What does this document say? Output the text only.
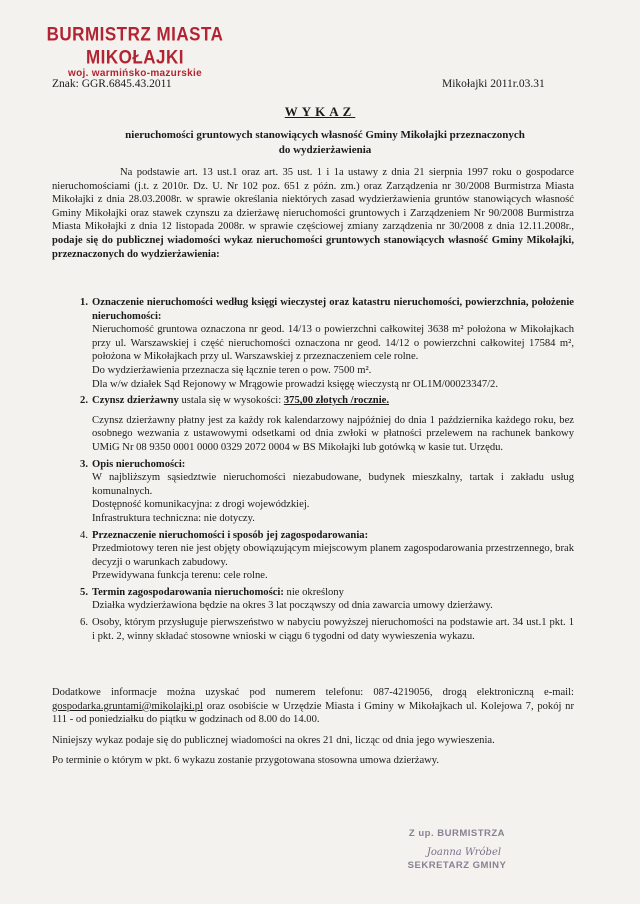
BURMISTRZ MIASTA MIKOŁAJKI
woj. warmińsko-mazurskie
Znak: GGR.6845.43.2011	Mikołajki 2011r.03.31
WYKAZ
nieruchomości gruntowych stanowiących własność Gminy Mikołajki przeznaczonych do wydzierżawienia
Na podstawie art. 13 ust.1 oraz art. 35 ust. 1 i 1a ustawy z dnia 21 sierpnia 1997 roku o gospodarce nieruchomościami (j.t. z 2010r. Dz. U. Nr 102 poz. 651 z późn. zm.) oraz Zarządzenia nr 30/2008 Burmistrza Miasta Mikołajki z dnia 28.03.2008r. w sprawie określania niektórych zasad wydzierżawienia gruntów stanowiących własność Gminy Mikołajki oraz stawek czynszu za dzierżawę nieruchomości gruntowych i Zarządzeniem Nr 90/2008 Burmistrza Miasta Mikołajki z dnia 12 listopada 2008r. w sprawie częściowej zmiany zarządzenia nr 30/2008 z dnia 12.11.2008r., podaje się do publicznej wiadomości wykaz nieruchomości gruntowych stanowiących własność Gminy Mikołajki, przeznaczonych do wydzierżawienia:
1. Oznaczenie nieruchomości według księgi wieczystej oraz katastru nieruchomości, powierzchnia, położenie nieruchomości:
Nieruchomość gruntowa oznaczona nr geod. 14/13 o powierzchni całkowitej 3638 m² położona w Mikołajkach przy ul. Warszawskiej i część nieruchomości oznaczona nr geod. 14/12 o powierzchni całkowitej 17584 m², położona w Mikołajkach przy ul. Warszawskiej z przeznaczeniem cele rolne.
Do wydzierżawienia przeznacza się łącznie teren o pow. 7500 m².
Dla w/w działek Sąd Rejonowy w Mrągowie prowadzi księgę wieczystą nr OL1M/00023347/2.
2. Czynsz dzierżawny ustala się w wysokości: 375,00 złotych /rocznie.
Czynsz dzierżawny płatny jest za każdy rok kalendarzowy najpóźniej do dnia 1 października każdego roku, bez osobnego wezwania z ustawowymi odsetkami od dnia zwłoki w płatności przelewem na rachunek bankowy UMiG Nr 08 9350 0001 0000 0329 2072 0004 w BS Mikołajki lub gotówką w kasie tut. Urzędu.
3. Opis nieruchomości:
W najbliższym sąsiedztwie nieruchomości niezabudowane, budynek mieszkalny, tartak i zakładu usług komunalnych.
Dostępność komunikacyjna: z drogi wojewódzkiej.
Infrastruktura techniczna: nie dotyczy.
4. Przeznaczenie nieruchomości i sposób jej zagospodarowania:
Przedmiotowy teren nie jest objęty obowiązującym miejscowym planem zagospodarowania przestrzennego, brak decyzji o warunkach zabudowy.
Przewidywana funkcja terenu: cele rolne.
5. Termin zagospodarowania nieruchomości: nie określony
Działka wydzierżawiona będzie na okres 3 lat począwszy od dnia zawarcia umowy dzierżawy.
6. Osoby, którym przysługuje pierwszeństwo w nabyciu powyższej nieruchomości na podstawie art. 34 ust.1 pkt. 1 i pkt. 2, winny składać stosowne wnioski w ciągu 6 tygodni od daty wywieszenia wykazu.

Dodatkowe informacje można uzyskać pod numerem telefonu: 087-4219056, drogą elektroniczną e-mail: gospodarka.gruntami@mikolajki.pl oraz osobiście w Urzędzie Miasta i Gminy w Mikołajkach ul. Kolejowa 7, pokój nr 111 - od poniedziałku do piątku w godzinach od 8.00 do 14.00.

Niniejszy wykaz podaje się do publicznej wiadomości na okres 21 dni, licząc od dnia jego wywieszenia.

Po terminie o którym w pkt. 6 wykazu zostanie przygotowana stosowna umowa dzierżawy.

Z up. BURMISTRZA
Joanna Wróbel
SEKRETARZ GMINY
